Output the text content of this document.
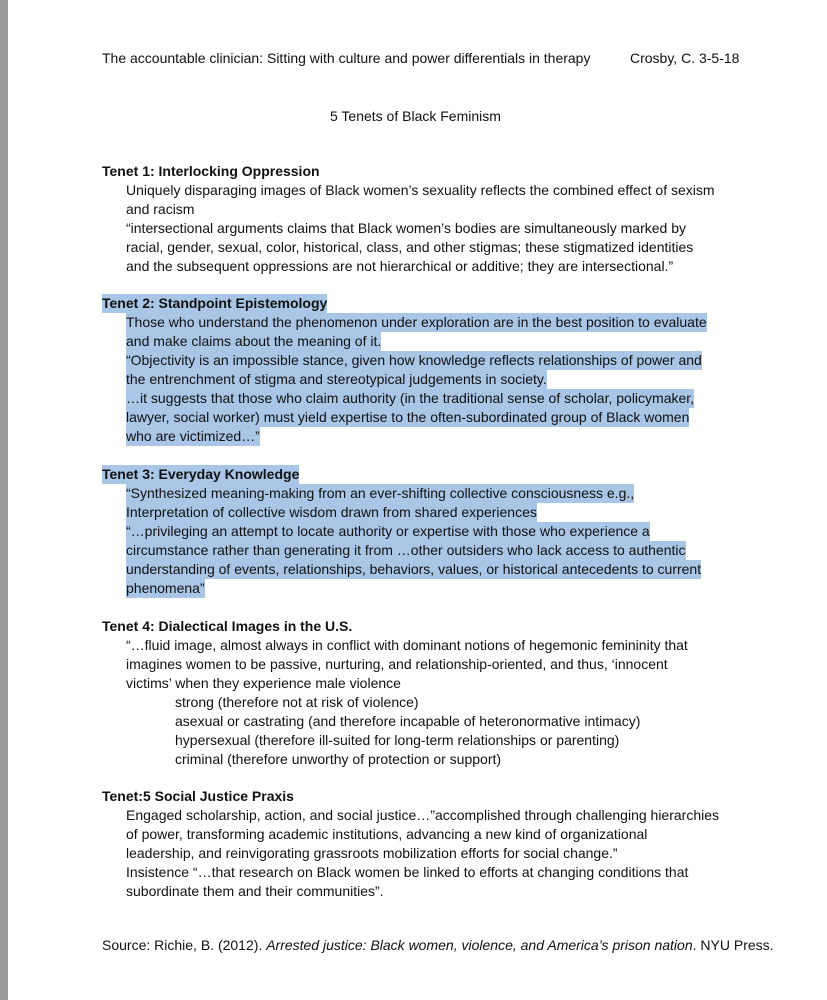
The accountable clinician: Sitting with culture and power differentials in therapy	Crosby, C. 3-5-18
5 Tenets of Black Feminism
Tenet 1: Interlocking Oppression
Uniquely disparaging images of Black women’s sexuality reflects the combined effect of sexism
and racism
“intersectional arguments claims that Black women’s bodies are simultaneously marked by
racial, gender, sexual, color, historical, class, and other stigmas; these stigmatized identities
and the subsequent oppressions are not hierarchical or additive; they are intersectional.”
Tenet 2: Standpoint Epistemology
Those who understand the phenomenon under exploration are in the best position to evaluate
and make claims about the meaning of it.
“Objectivity is an impossible stance, given how knowledge reflects relationships of power and
the entrenchment of stigma and stereotypical judgements in society.
…it suggests that those who claim authority (in the traditional sense of scholar, policymaker,
lawyer, social worker) must yield expertise to the often-subordinated group of Black women
who are victimized…”
Tenet 3: Everyday Knowledge
“Synthesized meaning-making from an ever-shifting collective consciousness e.g.,
Interpretation of collective wisdom drawn from shared experiences
“…privileging an attempt to locate authority or expertise with those who experience a
circumstance rather than generating it from …other outsiders who lack access to authentic
understanding of events, relationships, behaviors, values, or historical antecedents to current
phenomena”
Tenet 4: Dialectical Images in the U.S.
“…fluid image, almost always in conflict with dominant notions of hegemonic femininity that
imagines women to be passive, nurturing, and relationship-oriented, and thus, ‘innocent
victims’ when they experience male violence
strong (therefore not at risk of violence)
asexual or castrating (and therefore incapable of heteronormative intimacy)
hypersexual (therefore ill-suited for long-term relationships or parenting)
criminal (therefore unworthy of protection or support)
Tenet:5 Social Justice Praxis
Engaged scholarship, action, and social justice…”accomplished through challenging hierarchies
of power, transforming academic institutions, advancing a new kind of organizational
leadership, and reinvigorating grassroots mobilization efforts for social change.”
Insistence “…that research on Black women be linked to efforts at changing conditions that
subordinate them and their communities”.
Source: Richie, B. (2012). Arrested justice: Black women, violence, and America’s prison nation. NYU Press.
